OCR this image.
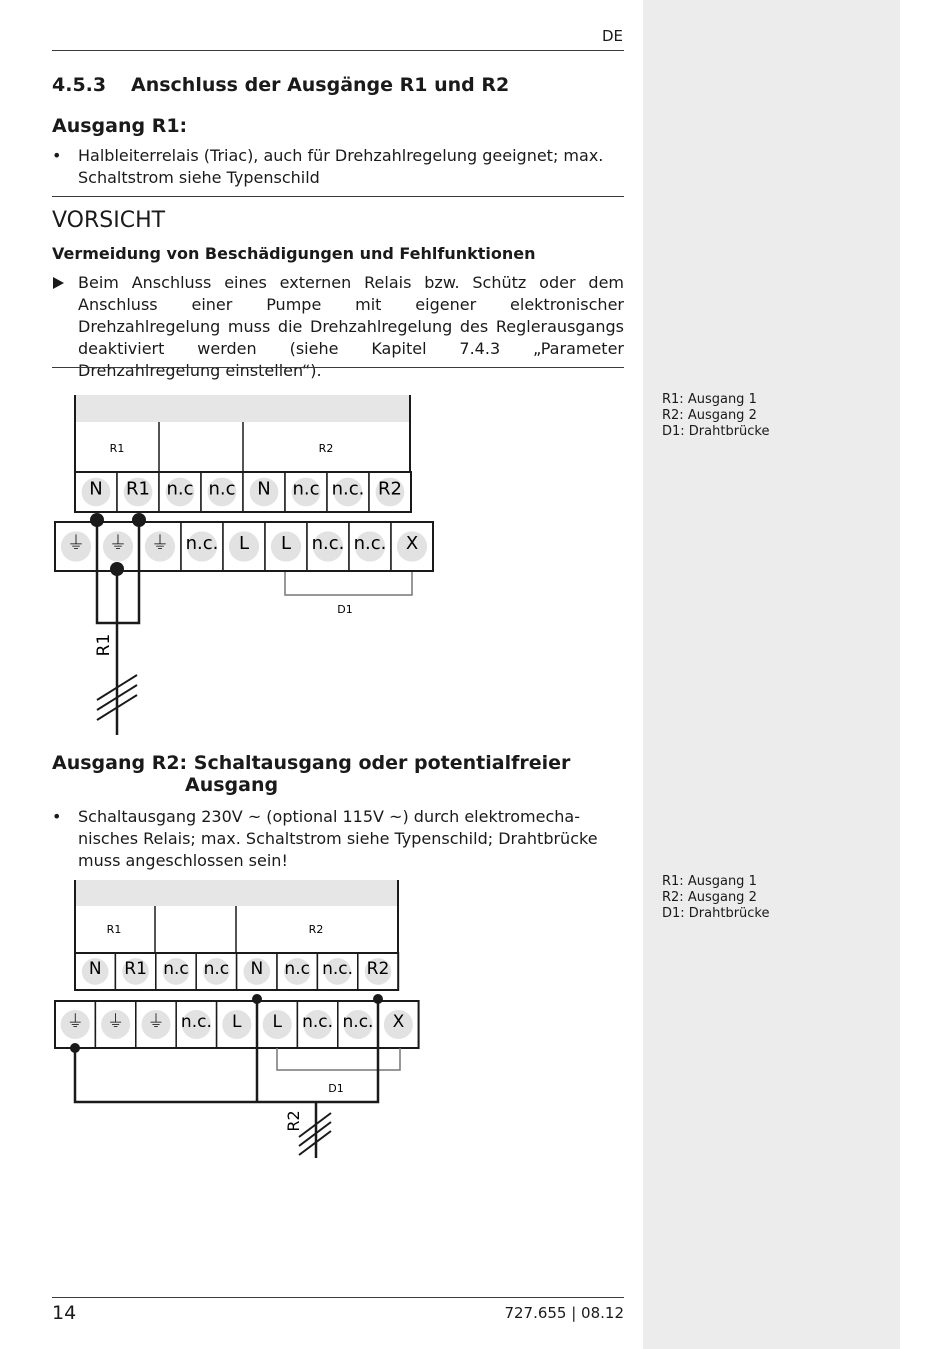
DE
4.5.3 Anschluss der Ausgänge R1 und R2
Ausgang R1:
• Halbleiterrelais (Triac), auch für Drehzahlregelung geeignet; max.
Schaltstrom siehe Typenschild
VORSICHT
Vermeidung von Beschädigungen und Fehlfunktionen
Beim Anschluss eines externen Relais bzw. Schütz oder dem Anschluss einer Pumpe mit eigener elektronischer Drehzahlregelung muss die Drehzahlregelung des Reglerausgangs deaktiviert werden (siehe Kapitel 7.4.3 „Parameter Drehzahlregelung einstellen“).
R1: Ausgang 1
R2: Ausgang 2
D1: Drahtbrücke
R1	R2
N R1 n.c n.c N n.c n.c. R2
⏚ ⏚ ⏚ n.c. L L n.c. n.c. X
D1
R1
Ausgang R2: Schaltausgang oder potentialfreier
Ausgang
• Schaltausgang 230V ~ (optional 115V ~) durch elektromecha-
nisches Relais; max. Schaltstrom siehe Typenschild; Drahtbrücke
muss angeschlossen sein!
R1: Ausgang 1
R2: Ausgang 2
D1: Drahtbrücke
R1	R2
N R1 n.c n.c N n.c n.c. R2
⏚ ⏚ ⏚ n.c. L L n.c. n.c. X
D1
R2
14	727.655 | 08.12
